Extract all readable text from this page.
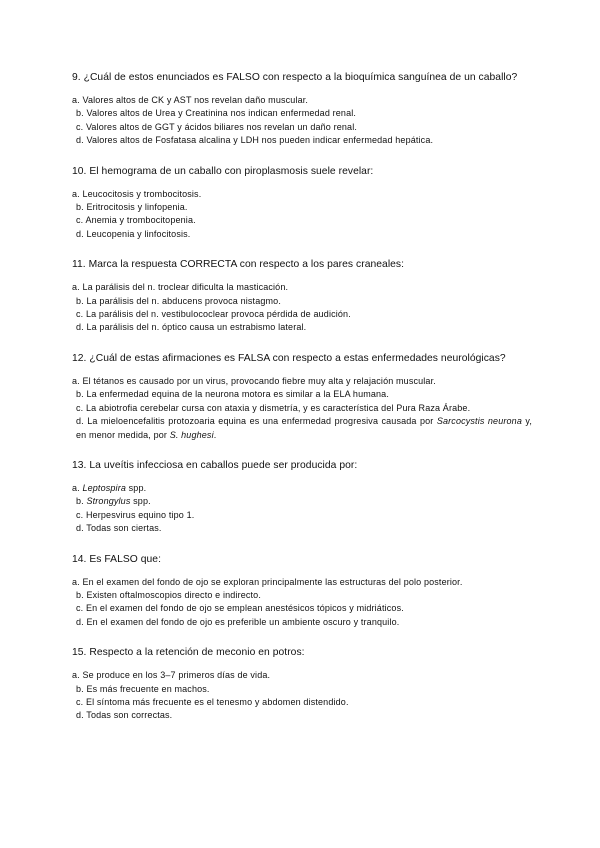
9. ¿Cuál de estos enunciados es FALSO con respecto a la bioquímica sanguínea de un caballo?

a. Valores altos de CK y AST nos revelan daño muscular.
b. Valores altos de Urea y Creatinina nos indican enfermedad renal.
c. Valores altos de GGT y ácidos biliares nos revelan un daño renal.
d. Valores altos de Fosfatasa alcalina y LDH nos pueden indicar enfermedad hepática.

10. El hemograma de un caballo con piroplasmosis suele revelar:

a. Leucocitosis y trombocitosis.
b. Eritrocitosis y linfopenia.
c. Anemia y trombocitopenia.
d. Leucopenia y linfocitosis.

11. Marca la respuesta CORRECTA con respecto a los pares craneales:

a. La parálisis del n. troclear dificulta la masticación.
b. La parálisis del n. abducens provoca nistagmo.
c. La parálisis del n. vestibulococlear provoca pérdida de audición.
d. La parálisis del n. óptico causa un estrabismo lateral.

12. ¿Cuál de estas afirmaciones es FALSA con respecto a estas enfermedades neurológicas?

a. El tétanos es causado por un virus, provocando fiebre muy alta y relajación muscular.
b. La enfermedad equina de la neurona motora es similar a la ELA humana.
c. La abiotrofia cerebelar cursa con ataxia y dismetría, y es característica del Pura Raza Árabe.
d. La mieloencefalitis protozoaria equina es una enfermedad progresiva causada por Sarcocystis neurona y, en menor medida, por S. hughesi.

13. La uveítis infecciosa en caballos puede ser producida por:

a. Leptospira spp.
b. Strongylus spp.
c. Herpesvirus equino tipo 1.
d. Todas son ciertas.

14. Es FALSO que:

a. En el examen del fondo de ojo se exploran principalmente las estructuras del polo posterior.
b. Existen oftalmoscopios directo e indirecto.
c. En el examen del fondo de ojo se emplean anestésicos tópicos y midriáticos.
d. En el examen del fondo de ojo es preferible un ambiente oscuro y tranquilo.

15. Respecto a la retención de meconio en potros:

a. Se produce en los 3–7 primeros días de vida.
b. Es más frecuente en machos.
c. El síntoma más frecuente es el tenesmo y abdomen distendido.
d. Todas son correctas.
